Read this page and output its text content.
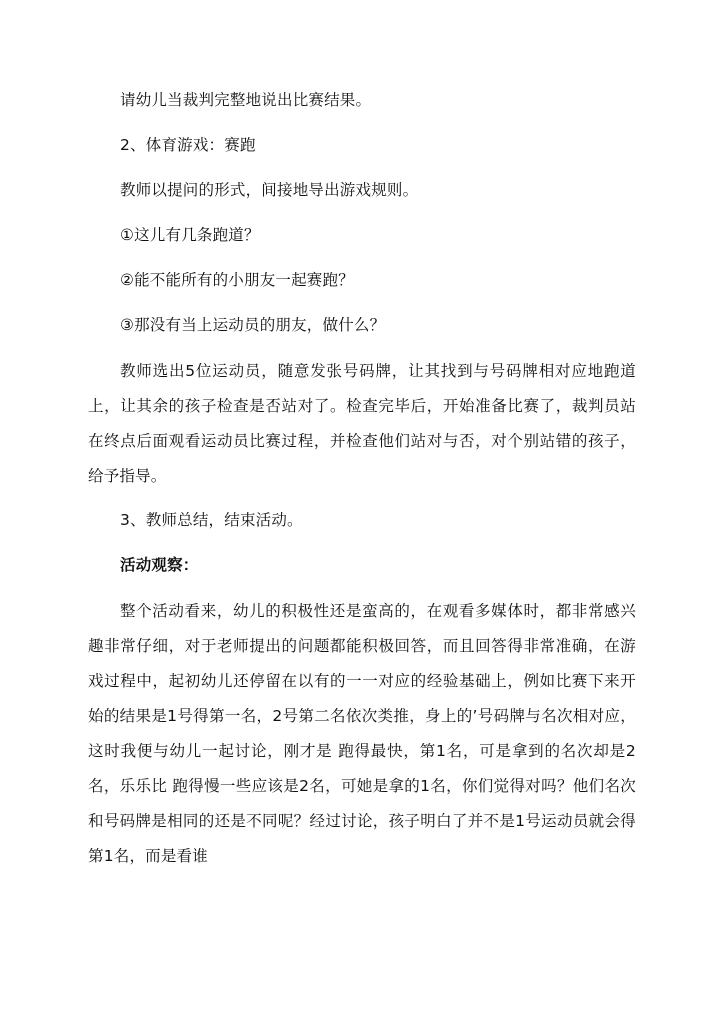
请幼儿当裁判完整地说出比赛结果。

2、体育游戏：赛跑

教师以提问的形式，间接地导出游戏规则。

①这儿有几条跑道？

②能不能所有的小朋友一起赛跑？

③那没有当上运动员的朋友，做什么？

教师选出5位运动员，随意发张号码牌，让其找到与号码牌相对应地跑道上，让其余的孩子检查是否站对了。检查完毕后，开始准备比赛了，裁判员站在终点后面观看运动员比赛过程，并检查他们站对与否，对个别站错的孩子，给予指导。

3、教师总结，结束活动。

活动观察：

整个活动看来，幼儿的积极性还是蛮高的，在观看多媒体时，都非常感兴趣非常仔细，对于老师提出的问题都能积极回答，而且回答得非常准确，在游戏过程中，起初幼儿还停留在以有的一一对应的经验基础上，例如比赛下来开始的结果是1号得第一名，2号第二名依次类推，身上的’号码牌与名次相对应，这时我便与幼儿一起讨论，刚才是 跑得最快，第1名，可是拿到的名次却是2名，乐乐比 跑得慢一些应该是2名，可她是拿的1名，你们觉得对吗？他们名次和号码牌是相同的还是不同呢？经过讨论，孩子明白了并不是1号运动员就会得第1名，而是看谁
